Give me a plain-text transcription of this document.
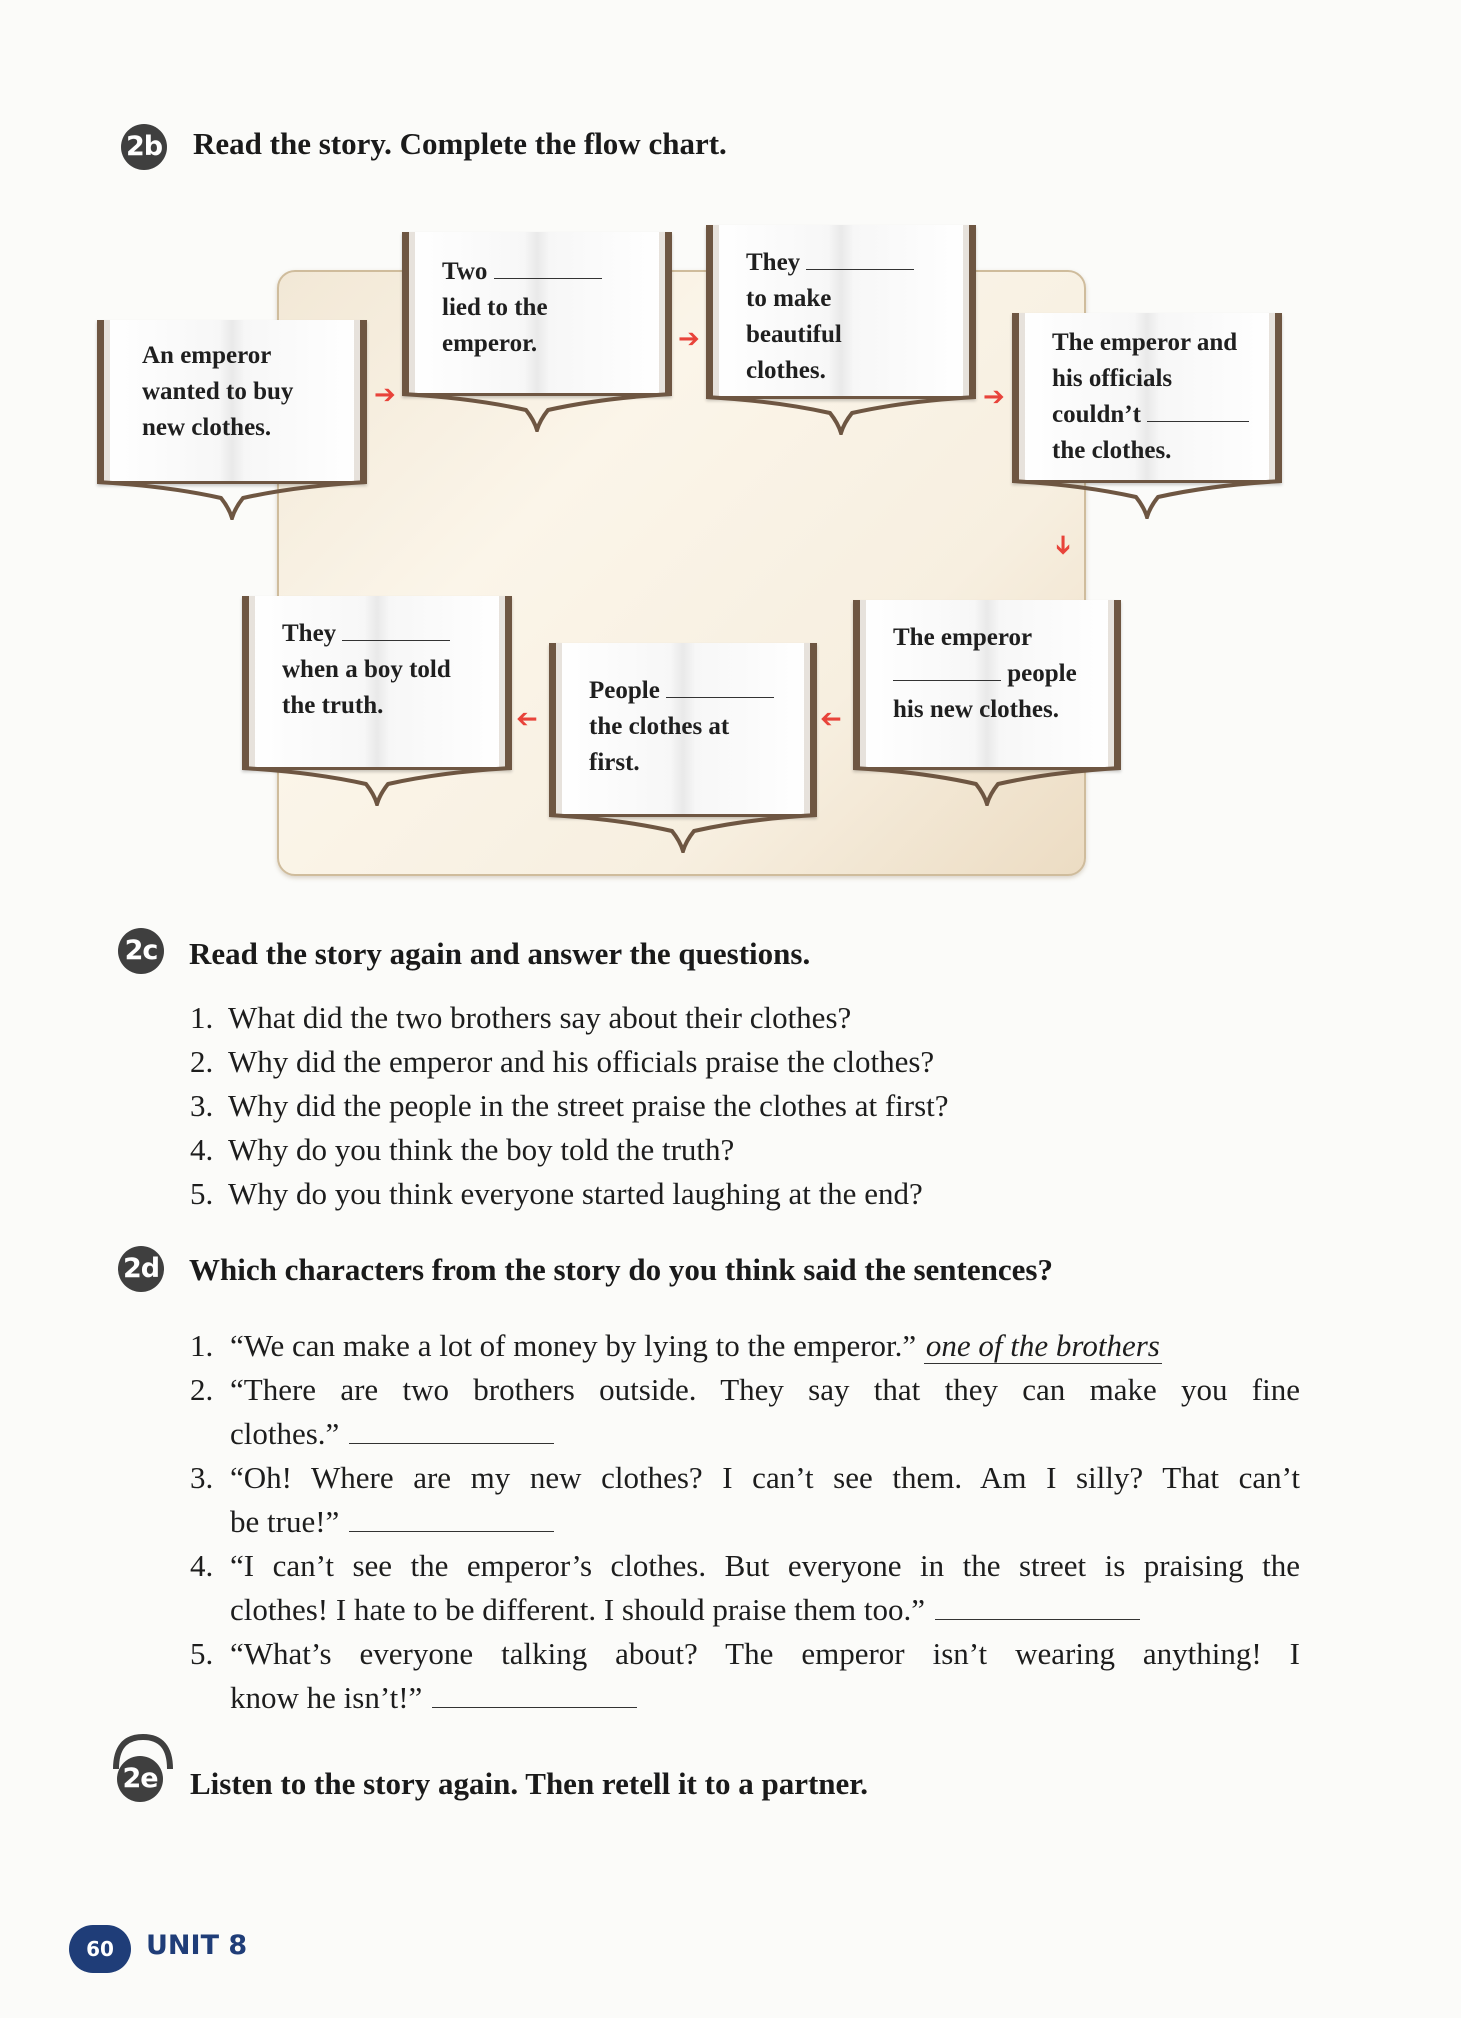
2b Read the story. Complete the flow chart.
An emperor
wanted to buy
new clothes.
Two
lied to the
emperor.
They
to make
beautiful
clothes.
The emperor and
his officials
couldn’t
the clothes.
The emperor
people
his new clothes.
People
the clothes at
first.
They
when a boy told
the truth.
➔
➔
➔
➔
➔
➔
2c Read the story again and answer the questions.
1. What did the two brothers say about their clothes?
2. Why did the emperor and his officials praise the clothes?
3. Why did the people in the street praise the clothes at first?
4. Why do you think the boy told the truth?
5. Why do you think everyone started laughing at the end?
2d Which characters from the story do you think said the sentences?
1. “We can make a lot of money by lying to the emperor.” one of the brothers
2. “There are two brothers outside. They say that they can make you fine
clothes.”
3. “Oh! Where are my new clothes? I can’t see them. Am I silly? That can’t
be true!”
4. “I can’t see the emperor’s clothes. But everyone in the street is praising the
clothes! I hate to be different. I should praise them too.”
5. “What’s everyone talking about? The emperor isn’t wearing anything! I
know he isn’t!”
2e Listen to the story again. Then retell it to a partner.
60	UNIT 8
